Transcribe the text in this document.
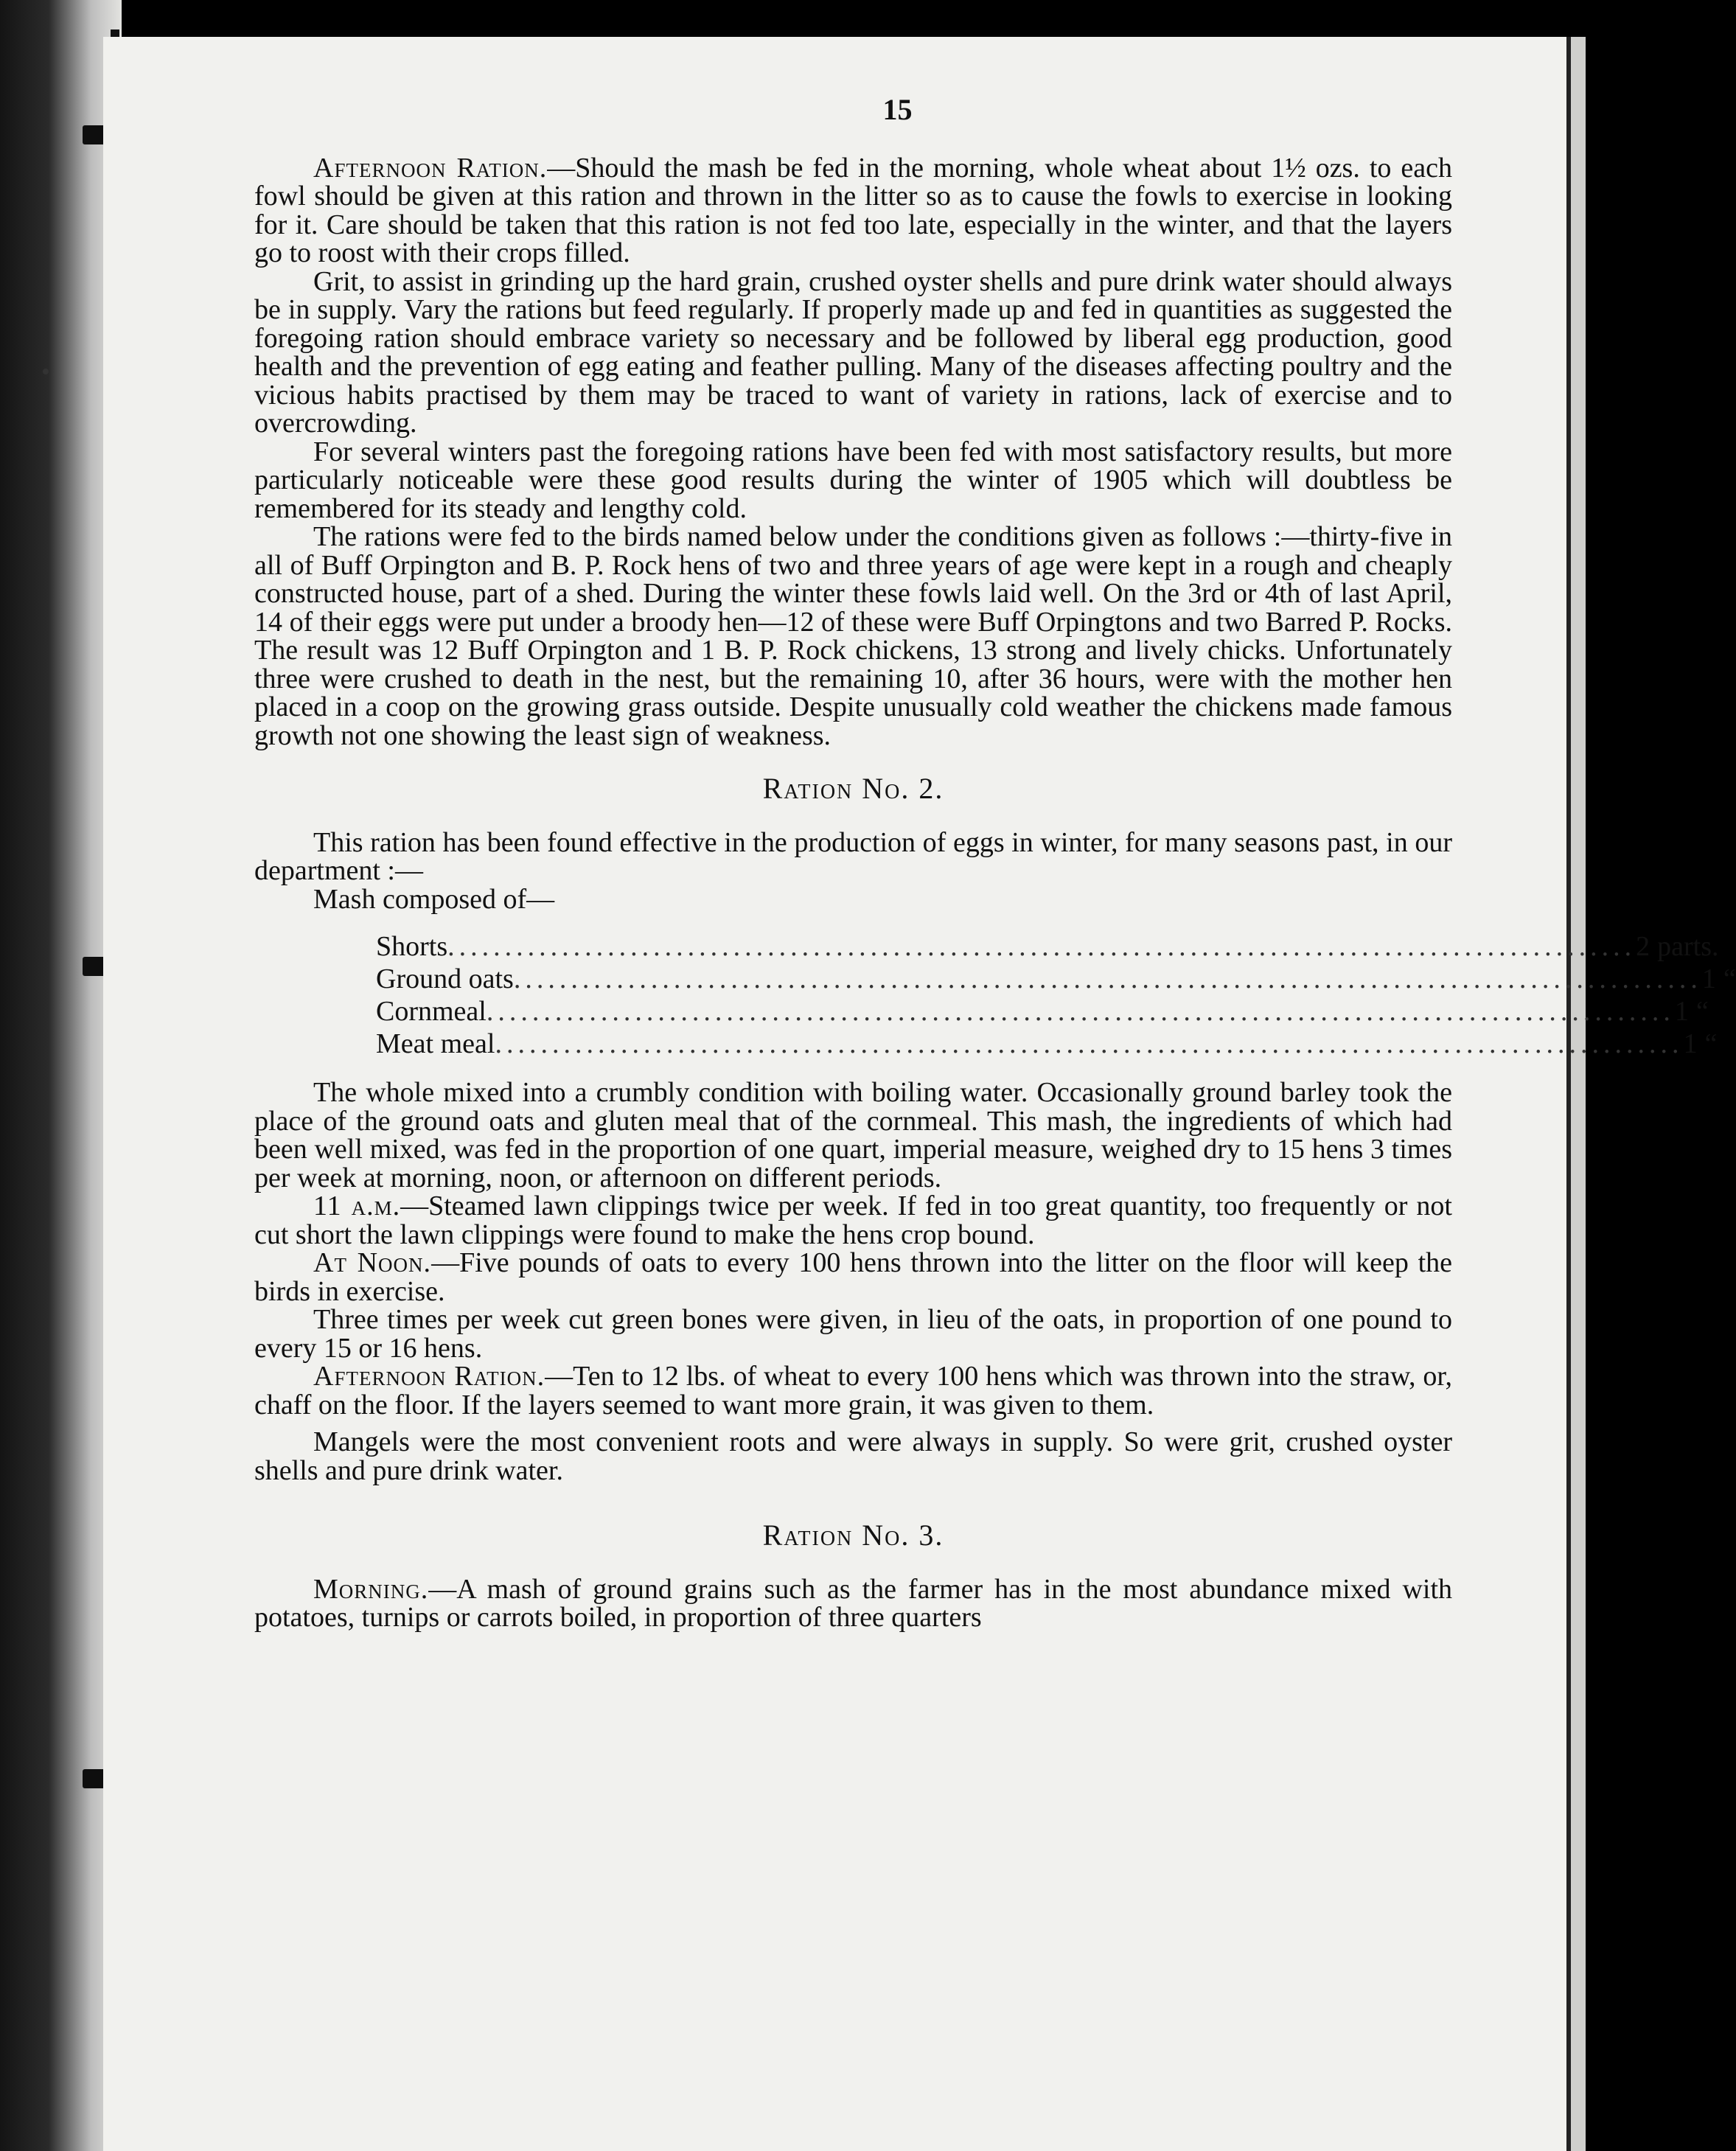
15

Afternoon Ration.—Should the mash be fed in the morning, whole wheat about 1½ ozs. to each fowl should be given at this ration and thrown in the litter so as to cause the fowls to exercise in looking for it. Care should be taken that this ration is not fed too late, especially in the winter, and that the layers go to roost with their crops filled.

Grit, to assist in grinding up the hard grain, crushed oyster shells and pure drink water should always be in supply. Vary the rations but feed regularly. If properly made up and fed in quantities as suggested the foregoing ration should embrace variety so necessary and be followed by liberal egg production, good health and the prevention of egg eating and feather pulling. Many of the diseases affecting poultry and the vicious habits practised by them may be traced to want of variety in rations, lack of exercise and to overcrowding.

For several winters past the foregoing rations have been fed with most satisfactory results, but more particularly noticeable were these good results during the winter of 1905 which will doubtless be remembered for its steady and lengthy cold.

The rations were fed to the birds named below under the conditions given as follows :—thirty-five in all of Buff Orpington and B. P. Rock hens of two and three years of age were kept in a rough and cheaply constructed house, part of a shed. During the winter these fowls laid well. On the 3rd or 4th of last April, 14 of their eggs were put under a broody hen—12 of these were Buff Orpingtons and two Barred P. Rocks. The result was 12 Buff Orpington and 1 B. P. Rock chickens, 13 strong and lively chicks. Unfortunately three were crushed to death in the nest, but the remaining 10, after 36 hours, were with the mother hen placed in a coop on the growing grass outside. Despite unusually cold weather the chickens made famous growth not one showing the least sign of weakness.

Ration No. 2.

This ration has been found effective in the production of eggs in winter, for many seasons past, in our department :—

Mash composed of—
Shorts ........................................................................................................ 2 parts.
Ground oats ........................................................................................................ 1 “
Cornmeal ........................................................................................................ 1 “
Meat meal ........................................................................................................ 1 “

The whole mixed into a crumbly condition with boiling water. Occasionally ground barley took the place of the ground oats and gluten meal that of the cornmeal. This mash, the ingredients of which had been well mixed, was fed in the proportion of one quart, imperial measure, weighed dry to 15 hens 3 times per week at morning, noon, or afternoon on different periods.

11 a.m.—Steamed lawn clippings twice per week. If fed in too great quantity, too frequently or not cut short the lawn clippings were found to make the hens crop bound.

At Noon.—Five pounds of oats to every 100 hens thrown into the litter on the floor will keep the birds in exercise.

Three times per week cut green bones were given, in lieu of the oats, in proportion of one pound to every 15 or 16 hens.

Afternoon Ration.—Ten to 12 lbs. of wheat to every 100 hens which was thrown into the straw, or, chaff on the floor. If the layers seemed to want more grain, it was given to them.

Mangels were the most convenient roots and were always in supply. So were grit, crushed oyster shells and pure drink water.

Ration No. 3.

Morning.—A mash of ground grains such as the farmer has in the most abundance mixed with potatoes, turnips or carrots boiled, in proportion of three quarters
